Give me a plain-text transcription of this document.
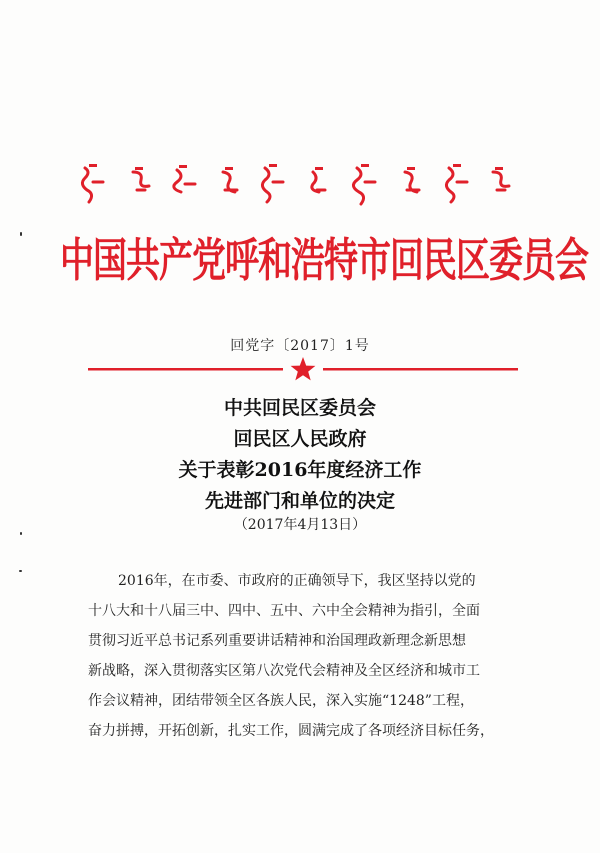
中国共产党呼和浩特市回民区委员会
回党字〔2017〕1号
中共回民区委员会
回民区人民政府
关于表彰2016年度经济工作
先进部门和单位的决定
（2017年4月13日）
2016年，在市委、市政府的正确领导下，我区坚持以党的
十八大和十八届三中、四中、五中、六中全会精神为指引，全面
贯彻习近平总书记系列重要讲话精神和治国理政新理念新思想
新战略，深入贯彻落实区第八次党代会精神及全区经济和城市工
作会议精神，团结带领全区各族人民，深入实施“1248”工程，
奋力拼搏，开拓创新，扎实工作，圆满完成了各项经济目标任务，
